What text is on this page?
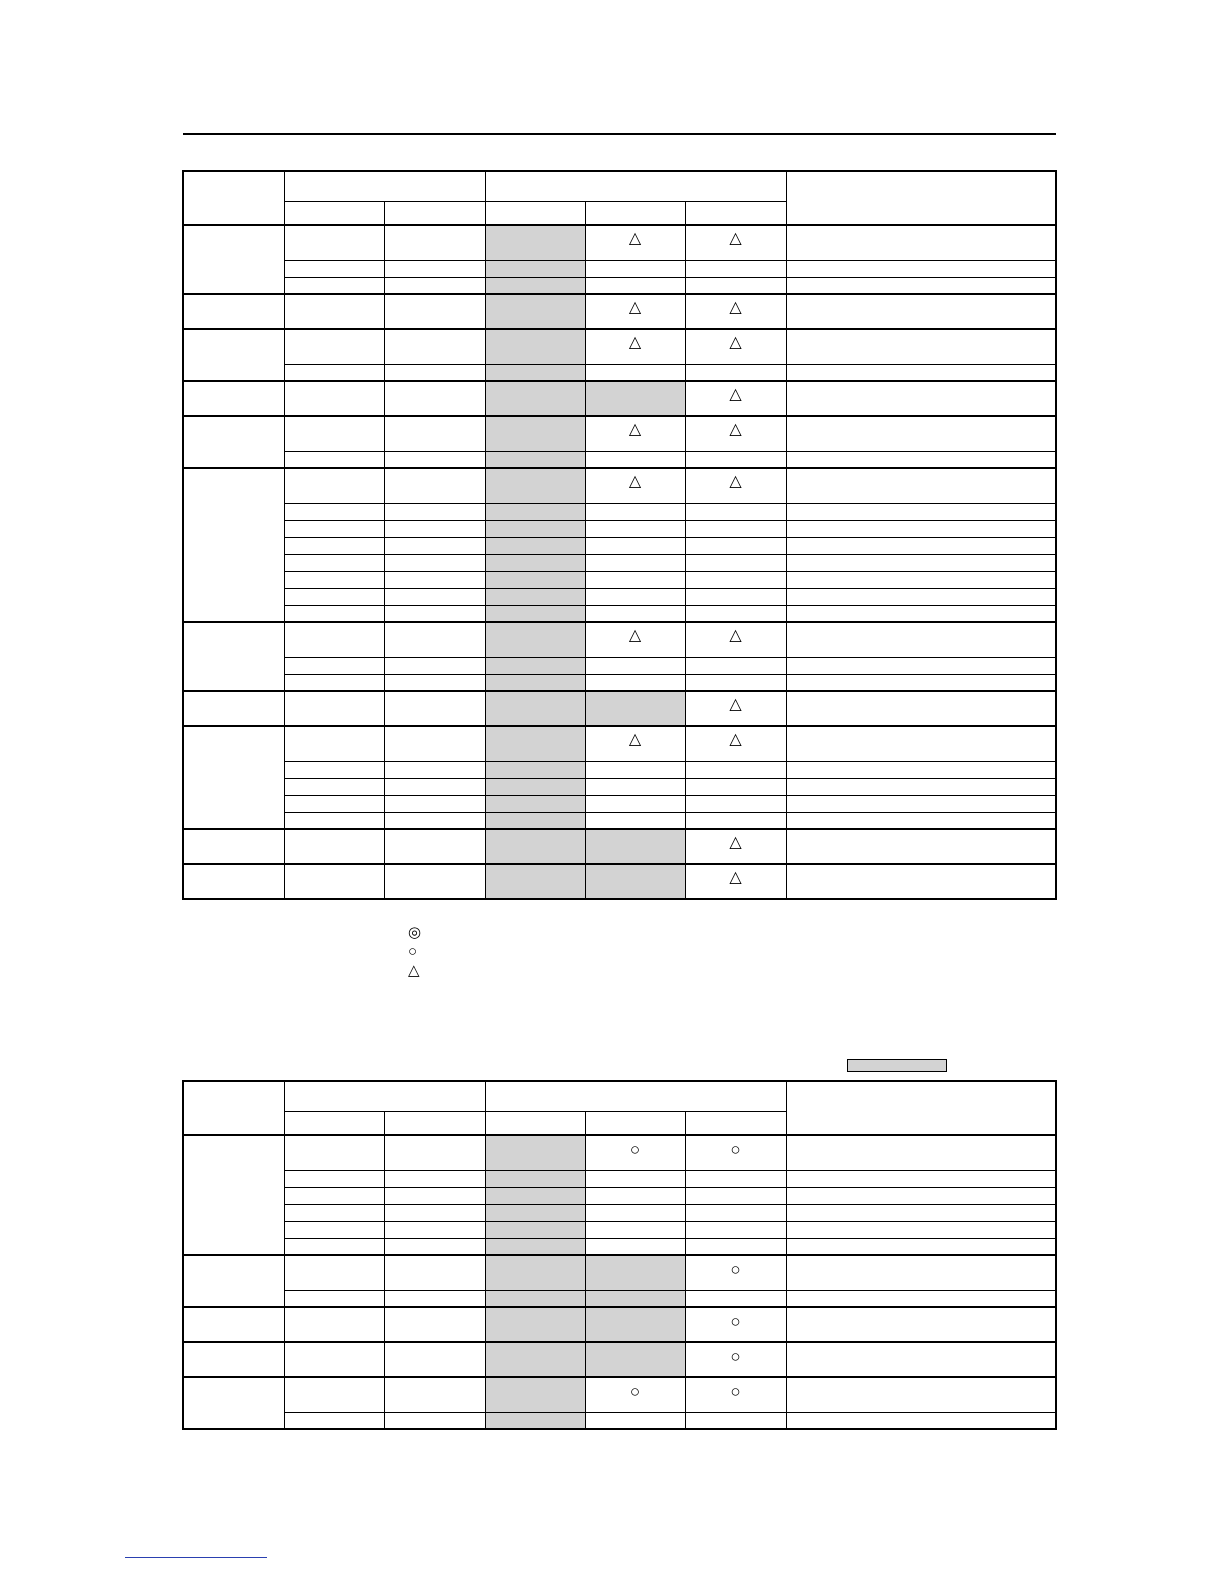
				△	△	

				△	△	
				△	△	

					△	
				△	△	

				△	△	

				△	△	

					△	
				△	△	

					△	
					△	
◎
○
△

				○	○	

					○	

					○	
					○	
				○	○	
